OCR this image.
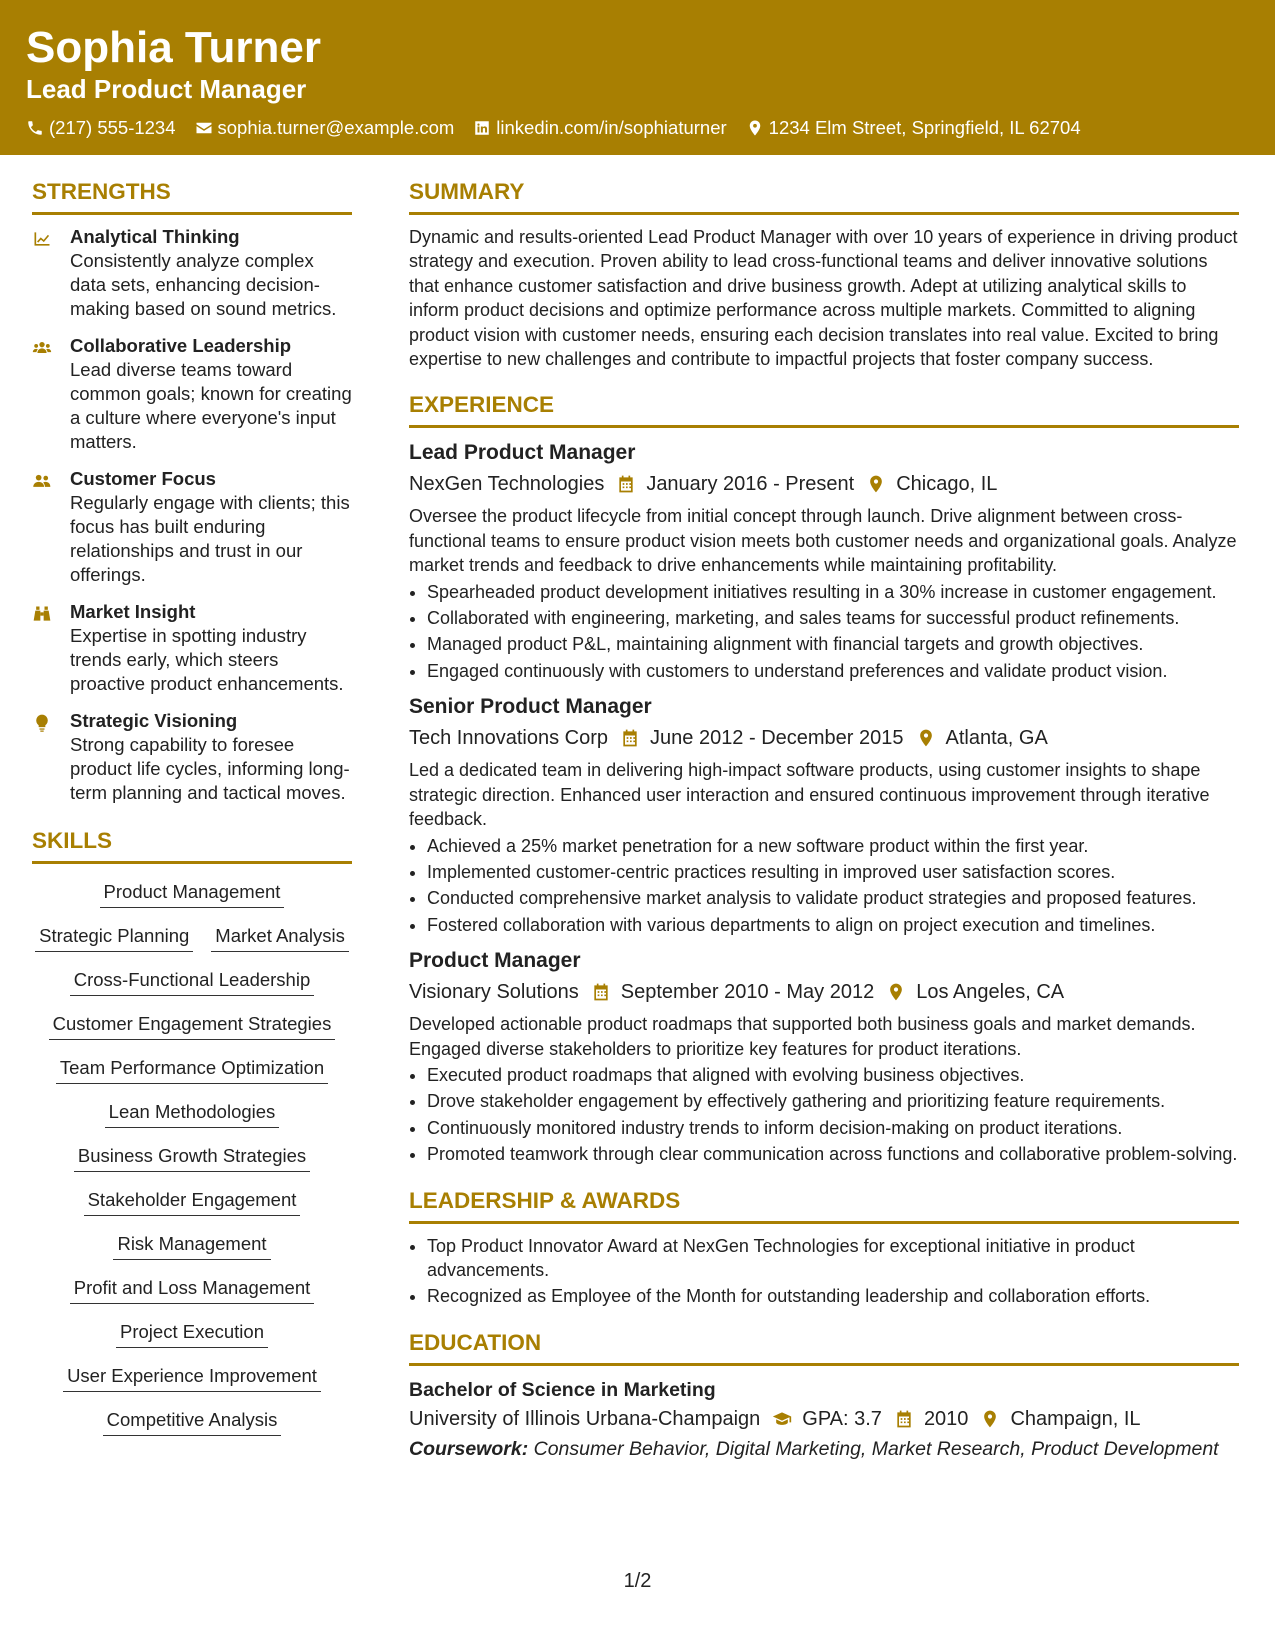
Sophia Turner
Lead Product Manager
(217) 555-1234 sophia.turner@example.com linkedin.com/in/sophiaturner 1234 Elm Street, Springfield, IL 62704
STRENGTHS
Analytical Thinking
Consistently analyze complex data sets, enhancing decision-making based on sound metrics.
Collaborative Leadership
Lead diverse teams toward common goals; known for creating a culture where everyone's input matters.
Customer Focus
Regularly engage with clients; this focus has built enduring relationships and trust in our offerings.
Market Insight
Expertise in spotting industry trends early, which steers proactive product enhancements.
Strategic Visioning
Strong capability to foresee product life cycles, informing long-term planning and tactical moves.
SKILLS
Product Management
Strategic Planning Market Analysis
Cross-Functional Leadership
Customer Engagement Strategies
Team Performance Optimization
Lean Methodologies
Business Growth Strategies
Stakeholder Engagement
Risk Management
Profit and Loss Management
Project Execution
User Experience Improvement
Competitive Analysis
SUMMARY

Dynamic and results-oriented Lead Product Manager with over 10 years of experience in driving product strategy and execution. Proven ability to lead cross-functional teams and deliver innovative solutions that enhance customer satisfaction and drive business growth. Adept at utilizing analytical skills to inform product decisions and optimize performance across multiple markets. Committed to aligning product vision with customer needs, ensuring each decision translates into real value. Excited to bring expertise to new challenges and contribute to impactful projects that foster company success.

EXPERIENCE
Lead Product Manager
NexGen Technologies January 2016 - Present Chicago, IL
Oversee the product lifecycle from initial concept through launch. Drive alignment between cross-functional teams to ensure product vision meets both customer needs and organizational goals. Analyze market trends and feedback to drive enhancements while maintaining profitability.
• Spearheaded product development initiatives resulting in a 30% increase in customer engagement.
• Collaborated with engineering, marketing, and sales teams for successful product refinements.
• Managed product P&L, maintaining alignment with financial targets and growth objectives.
• Engaged continuously with customers to understand preferences and validate product vision.
Senior Product Manager
Tech Innovations Corp June 2012 - December 2015 Atlanta, GA
Led a dedicated team in delivering high-impact software products, using customer insights to shape strategic direction. Enhanced user interaction and ensured continuous improvement through iterative feedback.
• Achieved a 25% market penetration for a new software product within the first year.
• Implemented customer-centric practices resulting in improved user satisfaction scores.
• Conducted comprehensive market analysis to validate product strategies and proposed features.
• Fostered collaboration with various departments to align on project execution and timelines.
Product Manager
Visionary Solutions September 2010 - May 2012 Los Angeles, CA
Developed actionable product roadmaps that supported both business goals and market demands. Engaged diverse stakeholders to prioritize key features for product iterations.
• Executed product roadmaps that aligned with evolving business objectives.
• Drove stakeholder engagement by effectively gathering and prioritizing feature requirements.
• Continuously monitored industry trends to inform decision-making on product iterations.
• Promoted teamwork through clear communication across functions and collaborative problem-solving.
LEADERSHIP & AWARDS
• Top Product Innovator Award at NexGen Technologies for exceptional initiative in product advancements.
• Recognized as Employee of the Month for outstanding leadership and collaboration efforts.
EDUCATION
Bachelor of Science in Marketing
University of Illinois Urbana-Champaign GPA: 3.7 2010 Champaign, IL
Coursework: Consumer Behavior, Digital Marketing, Market Research, Product Development
1/2
